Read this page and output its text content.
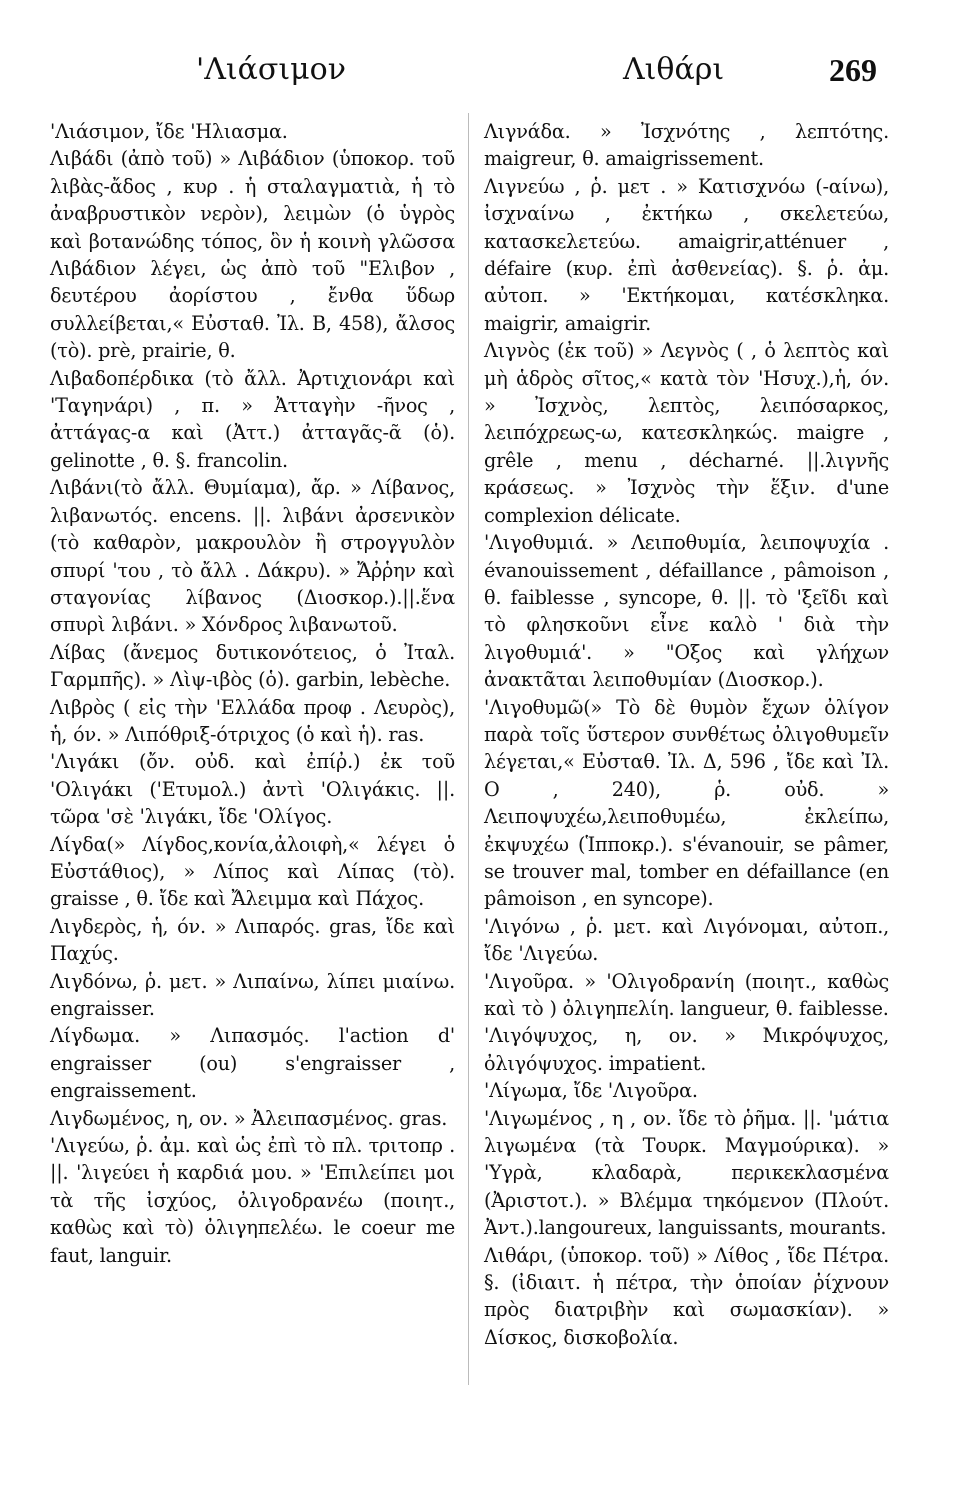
'Λιάσιμον	Λιθάρι	269

'Λιάσιμον, ἴδε 'Ηλιασμα.

Λιβάδι (ἀπὸ τοῦ) » Λιβάδιον (ὑποκορ. τοῦ λιβὰς-ἄδος , κυρ . ἡ σταλαγματιὰ, ἡ τὸ ἀναβρυστικὸν νερὸν), λειμὼν (ὁ ὑγρὸς καὶ βοτανώδης τόπος, ὃν ἡ κοινὴ γλῶσσα Λιβάδιον λέγει, ὡς ἀπὸ τοῦ "Ελιβον , δευτέρου ἀορίστου , ἔνθα ὕδωρ συλλείβεται,« Εὐσταθ. Ἰλ. Β, 458), ἄλσος (τὸ). prè, prairie, θ.

Λιβαδοπέρδικα (τὸ ἄλλ. Ἀρτιχιονάρι καὶ 'Ταγηνάρι) , π. » Ἀτταγὴν -ῆνος , ἀττάγας-α καὶ (Ἀττ.) ἀτταγᾶς-ᾶ (ὁ). gelinotte , θ. §. francolin.

Λιβάνι(τὸ ἄλλ. Θυμίαμα), ἄρ. » Λίβανος, λιβανωτός. encens. ||. λιβάνι ἀρσενικὸν (τὸ καθαρὸν, μακρουλὸν ἢ στρογγυλὸν σπυρί 'του , τὸ ἄλλ . Δάκρυ). » Ἄῤῥην καὶ σταγονίας λίβανος (Διοσκορ.).||.ἕνα σπυρὶ λιβάνι. » Χόνδρος λιβανωτοῦ.

Λίβας (ἄνεμος δυτικονότειος, ὁ Ἰταλ. Γαρμπῆς). » Λὶψ-ιβὸς (ὁ). garbin, lebèche.

Λιβρὸς ( εἰς τὴν 'Ελλάδα προφ . Λευρὸς), ἡ, όν. » Λιπόθριξ-ότριχος (ὁ καὶ ἡ). ras.

'Λιγάκι (ὄν. οὐδ. καὶ ἐπίῤ.) ἐκ τοῦ 'Ολιγάκι ('Ετυμολ.) ἀντὶ 'Ολιγάκις. ||. τῶρα 'σὲ 'λιγάκι, ἴδε 'Ολίγος.

Λίγδα(» Λίγδος,κονία,ἀλοιφὴ,« λέγει ὁ Εὐστάθιος), » Λίπος καὶ Λίπας (τὸ). graisse , θ. ἴδε καὶ Ἄλειμμα καὶ Πάχος.

Λιγδερὸς, ἡ, όν. » Λιπαρός. gras, ἴδε καὶ Παχύς.

Λιγδόνω, ῥ. μετ. » Λιπαίνω, λίπει μιαίνω. engraisser.

Λίγδωμα. » Λιπασμός. l'action d' engraisser (ou) s'engraisser , engraissement.

Λιγδωμένος, η, ον. » Ἀλειπασμένος. gras.

'Λιγεύω, ῥ. ἀμ. καὶ ὡς ἐπὶ τὸ πλ. τριτοπρ . ||. 'λιγεύει ἡ καρδιά μου. » 'Επιλείπει μοι τὰ τῆς ἰσχύος, ὀλιγοδρανέω (ποιητ., καθὼς καὶ τὸ) ὀλιγηπελέω. le coeur me faut, languir.

Λιγνάδα. » Ἰσχνότης , λεπτότης. maigreur, θ. amaigrissement.

Λιγνεύω , ῥ. μετ . » Κατισχνόω (-αίνω), ἰσχναίνω , ἐκτήκω , σκελετεύω, κατασκελετεύω. amaigrir,atténuer , défaire (κυρ. ἐπὶ ἀσθενείας). §. ῥ. ἀμ. αὐτοπ. » 'Εκτήκομαι, κατέσκληκα. maigrir, amaigrir.

Λιγνὸς (ἐκ τοῦ) » Λεγνὸς ( , ὁ λεπτὸς καὶ μὴ ἁδρὸς σῖτος,« κατὰ τὸν 'Ησυχ.),ἡ, όν. » Ἰσχνὸς, λεπτὸς, λειπόσαρκος, λειπόχρεως-ω, κατεσκληκώς. maigre , grêle , menu , décharné. ||.λιγνῆς κράσεως. » Ἰσχνὸς τὴν ἕξιν. d'une complexion délicate.

'Λιγοθυμιά. » Λειποθυμία, λειποψυχία . évanouissement , défaillance , pâmoison , θ. faiblesse , syncope, θ. ||. τὸ 'ξεῖδι καὶ τὸ φλησκοῦνι εἶνε καλὸ ' διὰ τὴν λιγοθυμιά'. » "Οξος καὶ γλήχων ἀνακτᾶται λειποθυμίαν (Διοσκορ.).

'Λιγοθυμῶ(» Τὸ δὲ θυμὸν ἔχων ὀλίγον παρὰ τοῖς ὕστερον συνθέτως ὀλιγοθυμεῖν λέγεται,« Εὐσταθ. Ἰλ. Δ, 596 , ἴδε καὶ Ἰλ. Ο , 240), ῥ. οὐδ. » Λειποψυχέω,λειποθυμέω, ἐκλείπω, ἐκψυχέω (Ἱπποκρ.). s'évanouir, se pâmer, se trouver mal, tomber en défaillance (en pâmoison , en syncope).

'Λιγόνω , ῥ. μετ. καὶ Λιγόνομαι, αὐτοπ., ἴδε 'Λιγεύω.

'Λιγοῦρα. » 'Ολιγοδρανίη (ποιητ., καθὼς καὶ τὸ ) ὀλιγηπελίη. langueur, θ. faiblesse.

'Λιγόψυχος, η, ον. » Μικρόψυχος, ὀλιγόψυχος. impatient.

'Λίγωμα, ἴδε 'Λιγοῦρα.

'Λιγωμένος , η , ον. ἴδε τὸ ῥῆμα. ||. 'μάτια λιγωμένα (τὰ Τουρκ. Μαγμούρικα). » 'Υγρὰ, κλαδαρὰ, περικεκλασμένα (Ἀριστοτ.). » Βλέμμα τηκόμενον (Πλούτ. Ἀντ.).langoureux, languissants, mourants.

Λιθάρι, (ὑποκορ. τοῦ) » Λίθος , ἴδε Πέτρα. §. (ἰδιαιτ. ἡ πέτρα, τὴν ὁποίαν ῥίχνουν πρὸς διατριβὴν καὶ σωμασκίαν). » Δίσκος, δισκοβολία.
